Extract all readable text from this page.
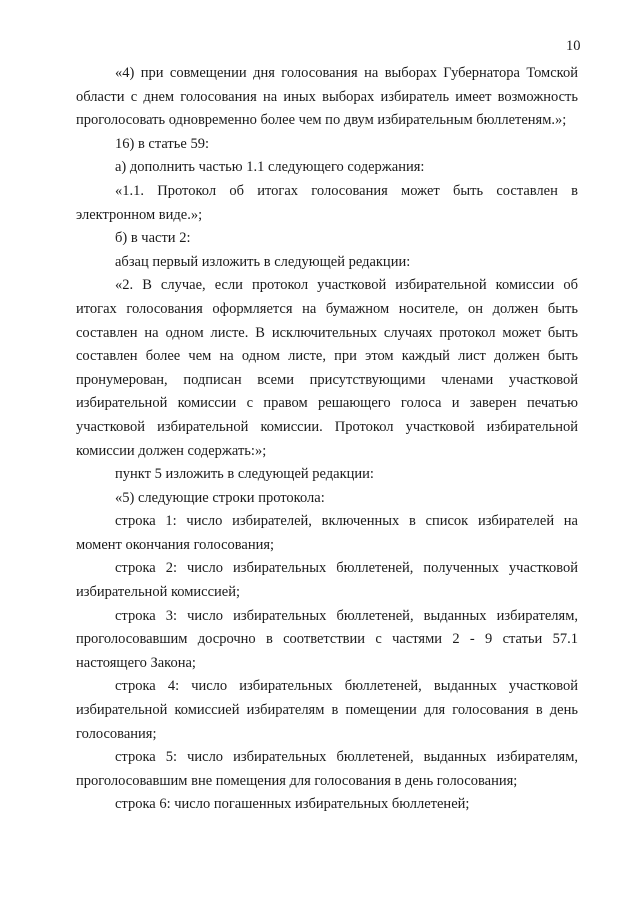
10

«4) при совмещении дня голосования на выборах Губернатора Томской области с днем голосования на иных выборах избиратель имеет возможность проголосовать одновременно более чем по двум избирательным бюллетеням.»;

16) в статье 59:

а) дополнить частью 1.1 следующего содержания:

«1.1. Протокол об итогах голосования может быть составлен в электронном виде.»;

б) в части 2:

абзац первый изложить в следующей редакции:

«2. В случае, если протокол участковой избирательной комиссии об итогах голосования оформляется на бумажном носителе, он должен быть составлен на одном листе. В исключительных случаях протокол может быть составлен более чем на одном листе, при этом каждый лист должен быть пронумерован, подписан всеми присутствующими членами участковой избирательной комиссии с правом решающего голоса и заверен печатью участковой избирательной комиссии. Протокол участковой избирательной комиссии должен содержать:»;

пункт 5 изложить в следующей редакции:

«5) следующие строки протокола:

строка 1: число избирателей, включенных в список избирателей на момент окончания голосования;

строка 2: число избирательных бюллетеней, полученных участковой избирательной комиссией;

строка 3: число избирательных бюллетеней, выданных избирателям, проголосовавшим досрочно в соответствии с частями 2 - 9 статьи 57.1 настоящего Закона;

строка 4: число избирательных бюллетеней, выданных участковой избирательной комиссией избирателям в помещении для голосования в день голосования;

строка 5: число избирательных бюллетеней, выданных избирателям, проголосовавшим вне помещения для голосования в день голосования;

строка 6: число погашенных избирательных бюллетеней;
